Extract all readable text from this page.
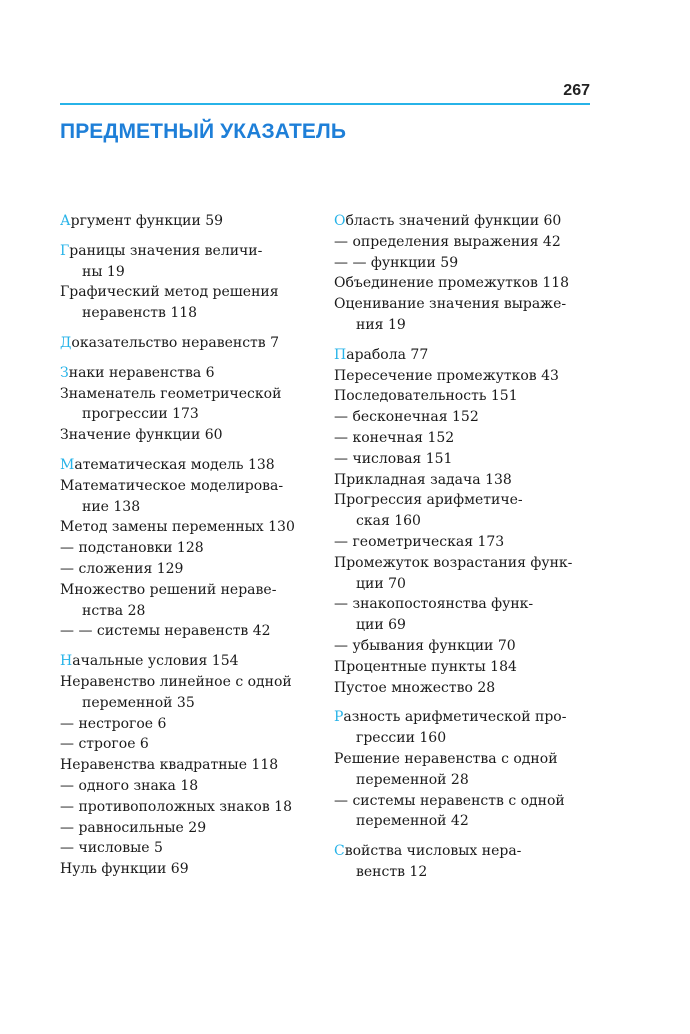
267
ПРЕДМЕТНЫЙ УКАЗАТЕЛЬ
Аргумент функции 59
Границы значения величи-
ны 19
Графический метод решения
неравенств 118
Доказательство неравенств 7
Знаки неравенства 6
Знаменатель геометрической
прогрессии 173
Значение функции 60
Математическая модель 138
Математическое моделирова-
ние 138
Метод замены переменных 130
— подстановки 128
— сложения 129
Множество решений нераве-
нства 28
— — системы неравенств 42
Начальные условия 154
Неравенство линейное с одной
переменной 35
— нестрогое 6
— строгое 6
Неравенства квадратные 118
— одного знака 18
— противоположных знаков 18
— равносильные 29
— числовые 5
Нуль функции 69
Область значений функции 60
— определения выражения 42
— — функции 59
Объединение промежутков 118
Оценивание значения выраже-
ния 19
Парабола 77
Пересечение промежутков 43
Последовательность 151
— бесконечная 152
— конечная 152
— числовая 151
Прикладная задача 138
Прогрессия арифметиче-
ская 160
— геометрическая 173
Промежуток возрастания функ-
ции 70
— знакопостоянства функ-
ции 69
— убывания функции 70
Процентные пункты 184
Пустое множество 28
Разность арифметической про-
грессии 160
Решение неравенства с одной
переменной 28
— системы неравенств с одной
переменной 42
Свойства числовых нера-
венств 12
